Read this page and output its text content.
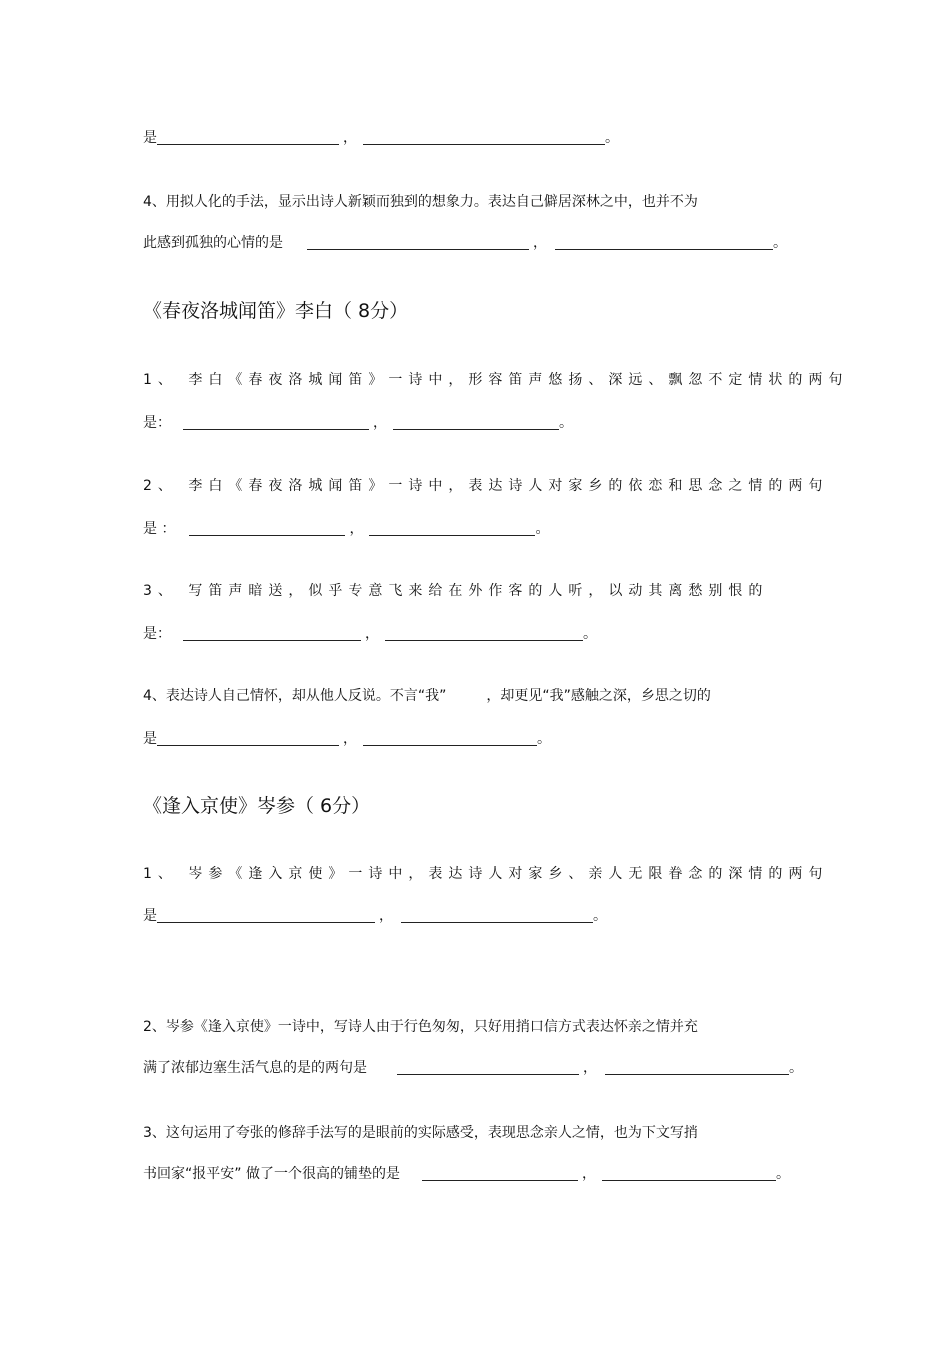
是	，	。
4、用拟人化的手法，显示出诗人新颖而独到的想象力。表达自己僻居深林之中，也并不为
此感到孤独的心情的是	，	。
《春夜洛城闻笛》李白（ 8分）
1、 李白《春夜洛城闻笛》一诗中，形容笛声悠扬、深远、飘忽不定情状的两句
是：	，	。
2、 李白《春夜洛城闻笛》一诗中，表达诗人对家乡的依恋和思念之情的两句
是 ：	，	。
3、 写笛声暗送，似乎专意飞来给在外作客的人听，以动其离愁别恨的
是：	，	。
4、表达诗人自己情怀，却从他人反说。不言“我”	，却更见“我”感触之深，乡思之切的
是	，	。
《逢入京使》岑参（ 6分）
1、 岑参《逢入京使》一诗中，表达诗人对家乡、亲人无限眷念的深情的两句
是	，	。
2、岑参《逢入京使》一诗中，写诗人由于行色匆匆，只好用捎口信方式表达怀亲之情并充
满了浓郁边塞生活气息的是的两句是	，	。
3、这句运用了夸张的修辞手法写的是眼前的实际感受，表现思念亲人之情，也为下文写捎
书回家“报平安” 做了一个很高的铺垫的是	，	。
